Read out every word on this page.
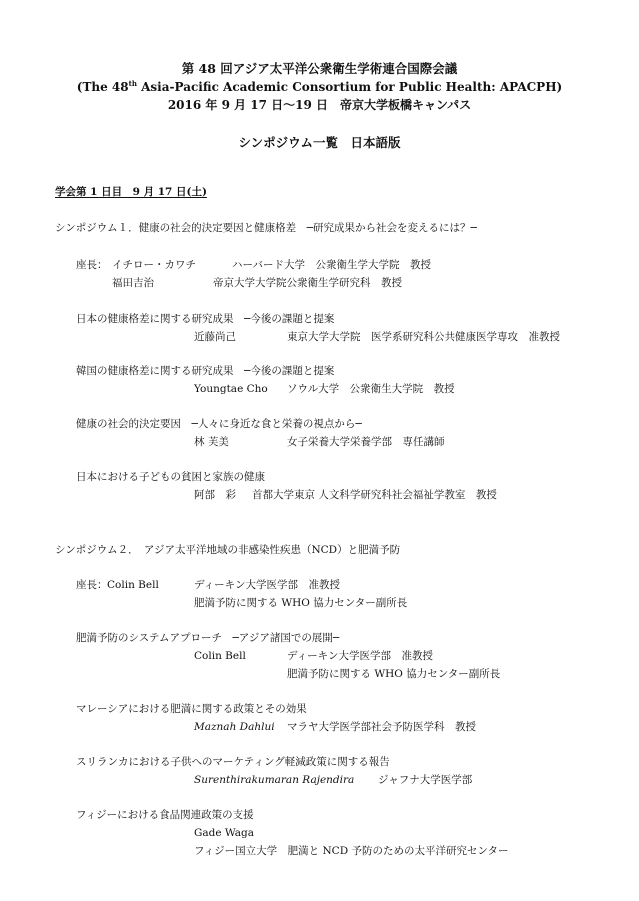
第 48 回アジア太平洋公衆衛生学術連合国際会議
(The 48th Asia-Pacific Academic Consortium for Public Health: APACPH)
2016 年 9 月 17 日～19 日　帝京大学板橋キャンパス
シンポジウム一覧　日本語版
学会第 1 日目　9 月 17 日(土)
シンポジウム１．健康の社会的決定要因と健康格差　─研究成果から社会を変えるには？─
座長： イチロー・カワチ	ハーバード大学　公衆衛生学大学院　教授
福田吉治	帝京大学大学院公衆衛生学研究科　教授
日本の健康格差に関する研究成果　─今後の課題と提案
近藤尚己	東京大学大学院　医学系研究科公共健康医学専攻　准教授
韓国の健康格差に関する研究成果　─今後の課題と提案
Youngtae Cho ソウル大学　公衆衛生大学院　教授
健康の社会的決定要因　─人々に身近な食と栄養の視点から─
林 芙美	女子栄養大学栄養学部　専任講師
日本における子どもの貧困と家族の健康
阿部　彩 首都大学東京 人文科学研究科社会福祉学教室　教授
シンポジウム２．　アジア太平洋地域の非感染性疾患（NCD）と肥満予防
座長： Colin Bell	ディーキン大学医学部　准教授
肥満予防に関する WHO 協力センター副所長
肥満予防のシステムアプローチ　─アジア諸国での展開─
Colin Bell	ディーキン大学医学部　准教授
肥満予防に関する WHO 協力センター副所長
マレーシアにおける肥満に関する政策とその効果
Maznah Dahlui マラヤ大学医学部社会予防医学科　教授
スリランカにおける子供へのマーケティング軽減政策に関する報告
Surenthirakumaran Rajendira ジャフナ大学医学部
フィジーにおける食品関連政策の支援
Gade Waga
フィジー国立大学　肥満と NCD 予防のための太平洋研究センター
